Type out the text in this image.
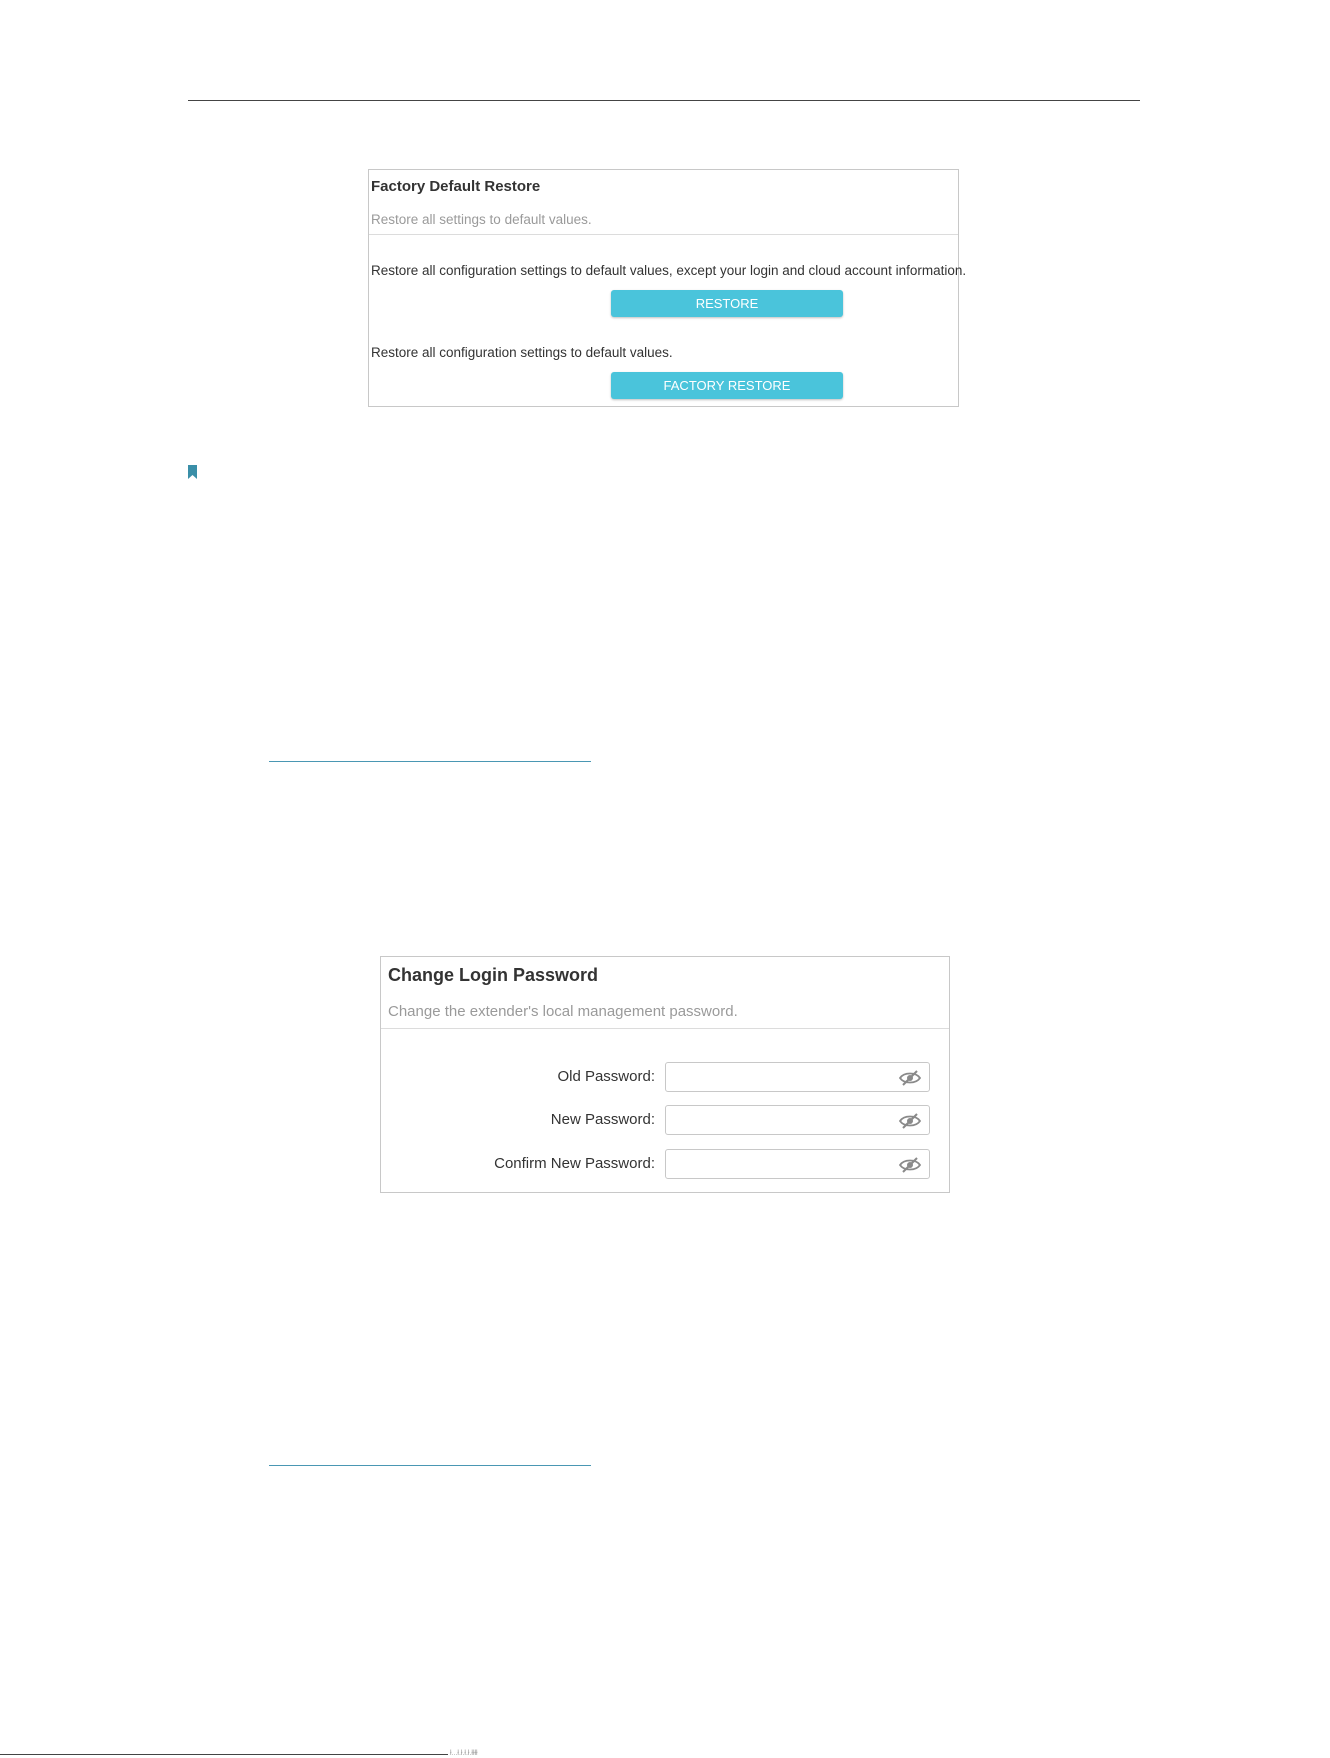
Factory Default Restore
Restore all settings to default values.
Restore all configuration settings to default values, except your login and cloud account information.
RESTORE
Restore all configuration settings to default values.
FACTORY RESTORE
Change Login Password
Change the extender's local management password.
Old Password:
New Password:
Confirm New Password:
ł...ł.ł.ł.ł.łłłł
